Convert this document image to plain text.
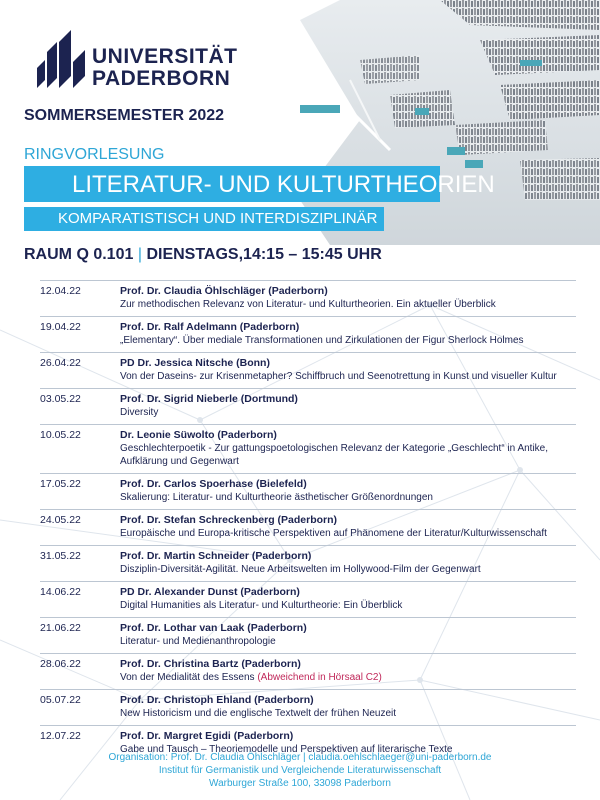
UNIVERSITÄT
PADERBORN
SOMMERSEMESTER 2022
RINGVORLESUNG
LITERATUR- UND KULTURTHEORIEN
KOMPARATISTISCH UND INTERDISZIPLINÄR
RAUM Q 0.101 | DIENSTAGS,14:15 – 15:45 UHR
12.04.22	Prof. Dr. Claudia Öhlschläger (Paderborn)
Zur methodischen Relevanz von Literatur- und Kulturtheorien. Ein aktueller Überblick
19.04.22	Prof. Dr. Ralf Adelmann (Paderborn)
„Elementary“. Über mediale Transformationen und Zirkulationen der Figur Sherlock Holmes
26.04.22	PD Dr. Jessica Nitsche (Bonn)
Von der Daseins- zur Krisenmetapher? Schiffbruch und Seenotrettung in Kunst und visueller Kultur
03.05.22	Prof. Dr. Sigrid Nieberle (Dortmund)
Diversity
10.05.22	Dr. Leonie Süwolto (Paderborn)
Geschlechterpoetik - Zur gattungspoetologischen Relevanz der Kategorie „Geschlecht“ in Antike, Aufklärung und Gegenwart
17.05.22	Prof. Dr. Carlos Spoerhase (Bielefeld)
Skalierung: Literatur- und Kulturtheorie ästhetischer Größenordnungen
24.05.22	Prof. Dr. Stefan Schreckenberg (Paderborn)
Europäische und Europa-kritische Perspektiven auf Phänomene der Literatur/Kulturwissenschaft
31.05.22	Prof. Dr. Martin Schneider (Paderborn)
Disziplin-Diversität-Agilität. Neue Arbeitswelten im Hollywood-Film der Gegenwart
14.06.22	PD Dr. Alexander Dunst (Paderborn)
Digital Humanities als Literatur- und Kulturtheorie: Ein Überblick
21.06.22	Prof. Dr. Lothar van Laak (Paderborn)
Literatur- und Medienanthropologie
28.06.22	Prof. Dr. Christina Bartz (Paderborn)
Von der Medialität des Essens (Abweichend in Hörsaal C2)
05.07.22	Prof. Dr. Christoph Ehland (Paderborn)
New Historicism und die englische Textwelt der frühen Neuzeit
12.07.22	Prof. Dr. Margret Egidi (Paderborn)
Gabe und Tausch – Theoriemodelle und Perspektiven auf literarische Texte
Organisation: Prof. Dr. Claudia Öhlschläger | claudia.oehlschlaeger@uni-paderborn.de
Institut für Germanistik und Vergleichende Literaturwissenschaft
Warburger Straße 100, 33098 Paderborn
